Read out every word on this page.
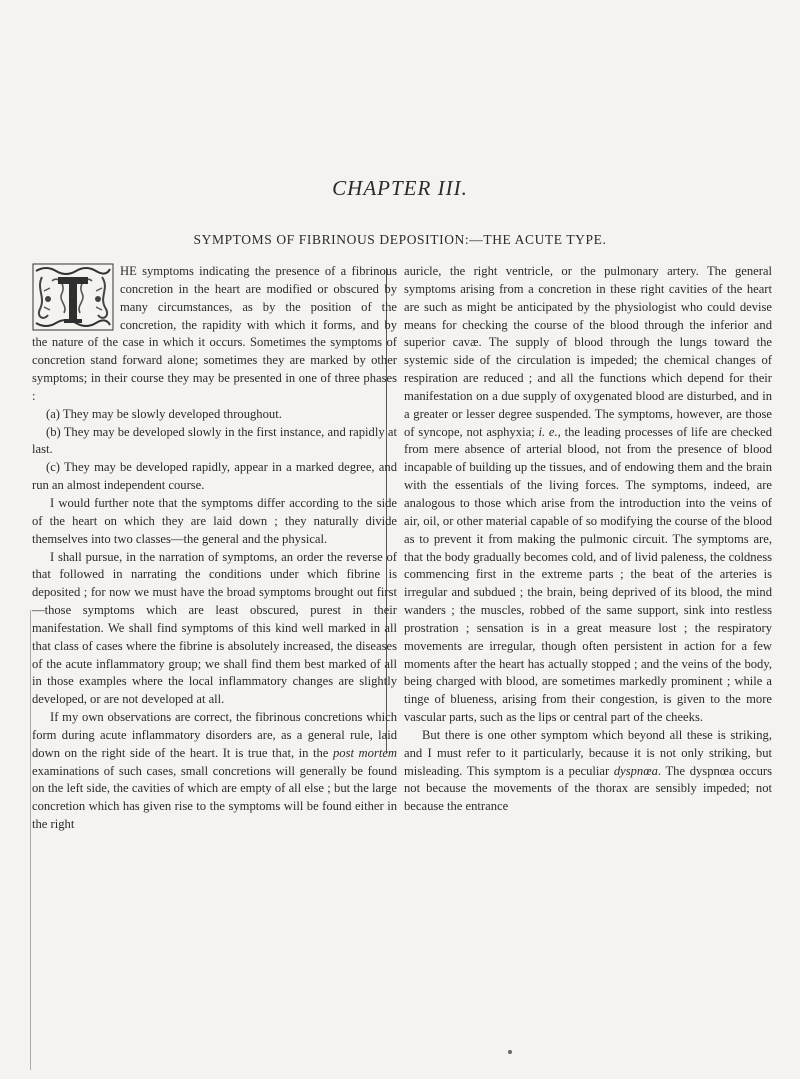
CHAPTER III.
SYMPTOMS OF FIBRINOUS DEPOSITION:—THE ACUTE TYPE.

HE symptoms indicating the presence of a fibrinous concretion in the heart are modified or obscured by many circumstances, as by the position of the concretion, the rapidity with which it forms, and by the nature of the case in which it occurs. Sometimes the symptoms of concretion stand forward alone; sometimes they are marked by other symptoms; in their course they may be presented in one of three phases :

(a) They may be slowly developed throughout.

(b) They may be developed slowly in the first instance, and rapidly at last.

(c) They may be developed rapidly, appear in a marked degree, and run an almost independent course.

I would further note that the symptoms differ according to the side of the heart on which they are laid down ; they naturally divide themselves into two classes—the general and the physical.

I shall pursue, in the narration of symptoms, an order the reverse of that followed in narrating the conditions under which fibrine is deposited ; for now we must have the broad symptoms brought out first—those symptoms which are least obscured, purest in their manifestation. We shall find symptoms of this kind well marked in all that class of cases where the fibrine is absolutely increased, the diseases of the acute inflammatory group; we shall find them best marked of all in those examples where the local inflammatory changes are slightly developed, or are not developed at all.

If my own observations are correct, the fibrinous concretions which form during acute inflammatory disorders are, as a general rule, laid down on the right side of the heart. It is true that, in the post mortem examinations of such cases, small concretions will generally be found on the left side, the cavities of which are empty of all else ; but the large concretion which has given rise to the symptoms will be found either in the right

auricle, the right ventricle, or the pulmonary artery. The general symptoms arising from a concretion in these right cavities of the heart are such as might be anticipated by the physiologist who could devise means for checking the course of the blood through the inferior and superior cavæ. The supply of blood through the lungs toward the systemic side of the circulation is impeded; the chemical changes of respiration are reduced ; and all the functions which depend for their manifestation on a due supply of oxygenated blood are disturbed, and in a greater or lesser degree suspended. The symptoms, however, are those of syncope, not asphyxia; i. e., the leading processes of life are checked from mere absence of arterial blood, not from the presence of blood incapable of building up the tissues, and of endowing them and the brain with the essentials of the living forces. The symptoms, indeed, are analogous to those which arise from the introduction into the veins of air, oil, or other material capable of so modifying the course of the blood as to prevent it from making the pulmonic circuit. The symptoms are, that the body gradually becomes cold, and of livid paleness, the coldness commencing first in the extreme parts ; the beat of the arteries is irregular and subdued ; the brain, being deprived of its blood, the mind wanders ; the muscles, robbed of the same support, sink into restless prostration ; sensation is in a great measure lost ; the respiratory movements are irregular, though often persistent in action for a few moments after the heart has actually stopped ; and the veins of the body, being charged with blood, are sometimes markedly prominent ; while a tinge of blueness, arising from their congestion, is given to the more vascular parts, such as the lips or central part of the cheeks.

But there is one other symptom which beyond all these is striking, and I must refer to it particularly, because it is not only striking, but misleading. This symptom is a peculiar dyspnœa. The dyspnœa occurs not because the movements of the thorax are sensibly impeded; not because the entrance
